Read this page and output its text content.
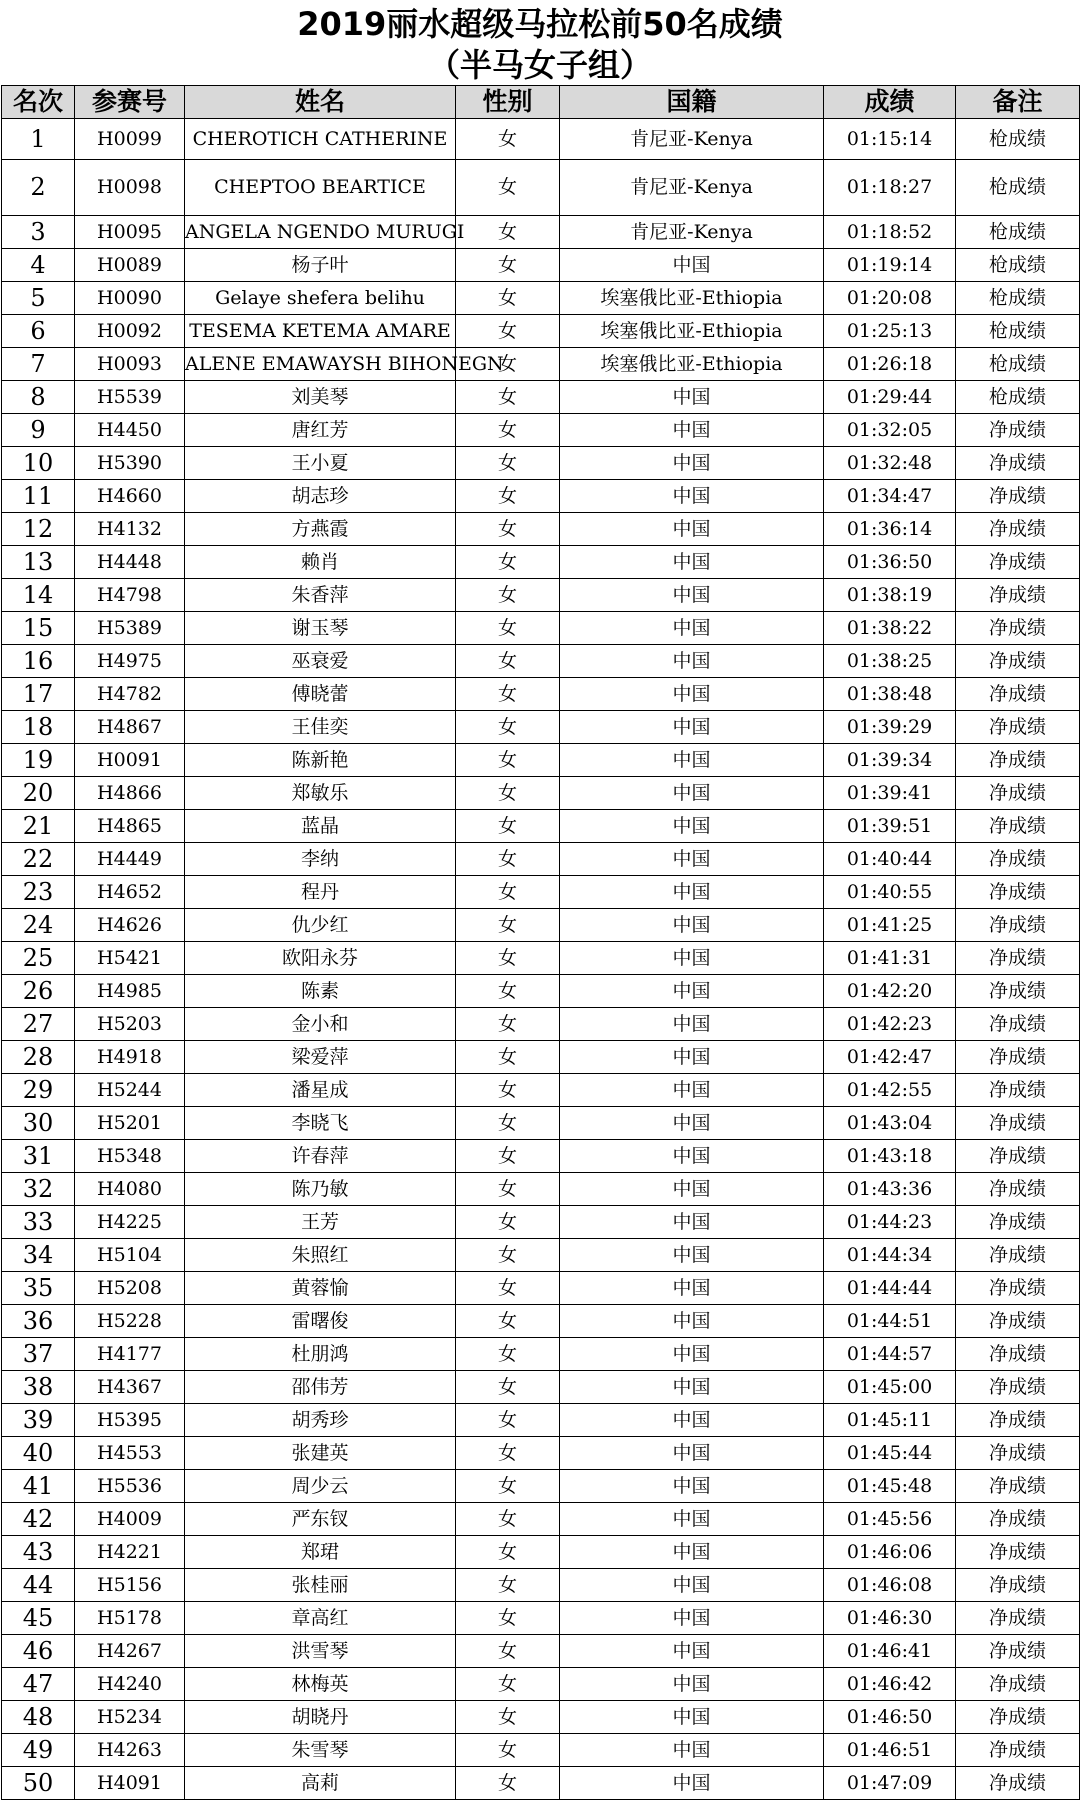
2019丽水超级马拉松前50名成绩
（半马女子组）
名次	参赛号	姓名	性别	国籍	成绩	备注
1	H0099	CHEROTICH CATHERINE	女	肯尼亚-Kenya	01:15:14	枪成绩
2	H0098	CHEPTOO BEARTICE	女	肯尼亚-Kenya	01:18:27	枪成绩
3	H0095	ANGELA NGENDO MURUGI	女	肯尼亚-Kenya	01:18:52	枪成绩
4	H0089	杨子叶	女	中国	01:19:14	枪成绩
5	H0090	Gelaye shefera belihu	女	埃塞俄比亚-Ethiopia	01:20:08	枪成绩
6	H0092	TESEMA KETEMA AMARE	女	埃塞俄比亚-Ethiopia	01:25:13	枪成绩
7	H0093	ALENE EMAWAYSH BIHONEGN	女	埃塞俄比亚-Ethiopia	01:26:18	枪成绩
8	H5539	刘美琴	女	中国	01:29:44	枪成绩
9	H4450	唐红芳	女	中国	01:32:05	净成绩
10	H5390	王小夏	女	中国	01:32:48	净成绩
11	H4660	胡志珍	女	中国	01:34:47	净成绩
12	H4132	方燕霞	女	中国	01:36:14	净成绩
13	H4448	赖肖	女	中国	01:36:50	净成绩
14	H4798	朱香萍	女	中国	01:38:19	净成绩
15	H5389	谢玉琴	女	中国	01:38:22	净成绩
16	H4975	巫衰爱	女	中国	01:38:25	净成绩
17	H4782	傅晓蕾	女	中国	01:38:48	净成绩
18	H4867	王佳奕	女	中国	01:39:29	净成绩
19	H0091	陈新艳	女	中国	01:39:34	净成绩
20	H4866	郑敏乐	女	中国	01:39:41	净成绩
21	H4865	蓝晶	女	中国	01:39:51	净成绩
22	H4449	李纳	女	中国	01:40:44	净成绩
23	H4652	程丹	女	中国	01:40:55	净成绩
24	H4626	仇少红	女	中国	01:41:25	净成绩
25	H5421	欧阳永芬	女	中国	01:41:31	净成绩
26	H4985	陈素	女	中国	01:42:20	净成绩
27	H5203	金小和	女	中国	01:42:23	净成绩
28	H4918	梁爱萍	女	中国	01:42:47	净成绩
29	H5244	潘星成	女	中国	01:42:55	净成绩
30	H5201	李晓飞	女	中国	01:43:04	净成绩
31	H5348	许春萍	女	中国	01:43:18	净成绩
32	H4080	陈乃敏	女	中国	01:43:36	净成绩
33	H4225	王芳	女	中国	01:44:23	净成绩
34	H5104	朱照红	女	中国	01:44:34	净成绩
35	H5208	黄蓉愉	女	中国	01:44:44	净成绩
36	H5228	雷曙俊	女	中国	01:44:51	净成绩
37	H4177	杜朋鸿	女	中国	01:44:57	净成绩
38	H4367	邵伟芳	女	中国	01:45:00	净成绩
39	H5395	胡秀珍	女	中国	01:45:11	净成绩
40	H4553	张建英	女	中国	01:45:44	净成绩
41	H5536	周少云	女	中国	01:45:48	净成绩
42	H4009	严东钗	女	中国	01:45:56	净成绩
43	H4221	郑珺	女	中国	01:46:06	净成绩
44	H5156	张桂丽	女	中国	01:46:08	净成绩
45	H5178	章高红	女	中国	01:46:30	净成绩
46	H4267	洪雪琴	女	中国	01:46:41	净成绩
47	H4240	林梅英	女	中国	01:46:42	净成绩
48	H5234	胡晓丹	女	中国	01:46:50	净成绩
49	H4263	朱雪琴	女	中国	01:46:51	净成绩
50	H4091	高莉	女	中国	01:47:09	净成绩
